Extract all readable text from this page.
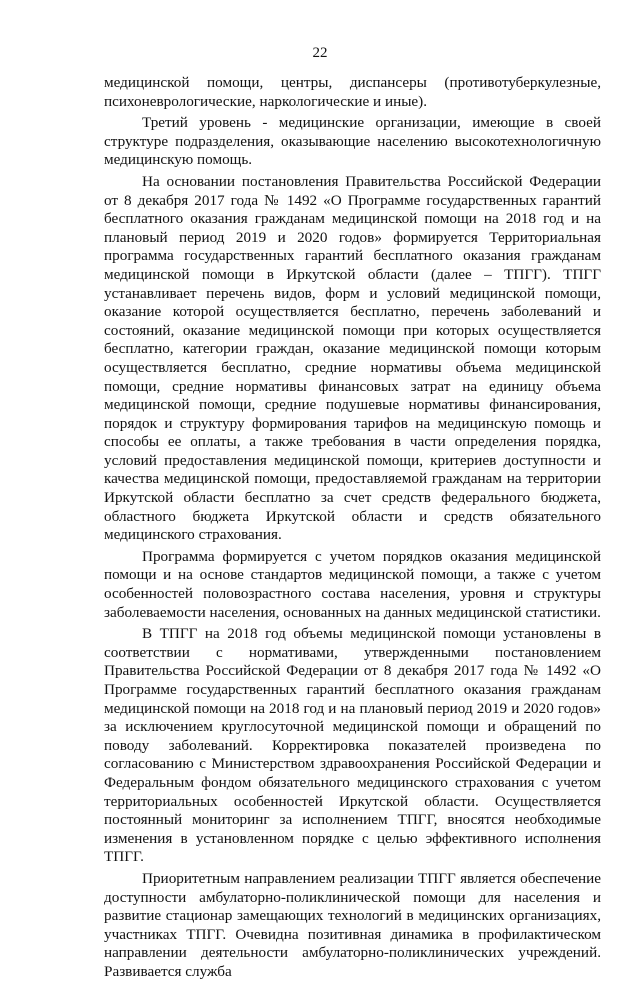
22

медицинской помощи, центры, диспансеры (противотуберкулезные, психоневрологические, наркологические и иные).

Третий уровень - медицинские организации, имеющие в своей структуре подразделения, оказывающие населению высокотехнологичную медицинскую помощь.

На основании постановления Правительства Российской Федерации от 8 декабря 2017 года № 1492 «О Программе государственных гарантий бесплатного оказания гражданам медицинской помощи на 2018 год и на плановый период 2019 и 2020 годов» формируется Территориальная программа государственных гарантий бесплатного оказания гражданам медицинской помощи в Иркутской области (далее – ТПГГ). ТПГГ устанавливает перечень видов, форм и условий медицинской помощи, оказание которой осуществляется бесплатно, перечень заболеваний и состояний, оказание медицинской помощи при которых осуществляется бесплатно, категории граждан, оказание медицинской помощи которым осуществляется бесплатно, средние нормативы объема медицинской помощи, средние нормативы финансовых затрат на единицу объема медицинской помощи, средние подушевые нормативы финансирования, порядок и структуру формирования тарифов на медицинскую помощь и способы ее оплаты, а также требования в части определения порядка, условий предоставления медицинской помощи, критериев доступности и качества медицинской помощи, предоставляемой гражданам на территории Иркутской области бесплатно за счет средств федерального бюджета, областного бюджета Иркутской области и средств обязательного медицинского страхования.

Программа формируется с учетом порядков оказания медицинской помощи и на основе стандартов медицинской помощи, а также с учетом особенностей половозрастного состава населения, уровня и структуры заболеваемости населения, основанных на данных медицинской статистики.

В ТПГГ на 2018 год объемы медицинской помощи установлены в соответствии с нормативами, утвержденными постановлением Правительства Российской Федерации от 8 декабря 2017 года № 1492 «О Программе государственных гарантий бесплатного оказания гражданам медицинской помощи на 2018 год и на плановый период 2019 и 2020 годов» за исключением круглосуточной медицинской помощи и обращений по поводу заболеваний. Корректировка показателей произведена по согласованию с Министерством здравоохранения Российской Федерации и Федеральным фондом обязательного медицинского страхования с учетом территориальных особенностей Иркутской области. Осуществляется постоянный мониторинг за исполнением ТПГГ, вносятся необходимые изменения в установленном порядке с целью эффективного исполнения ТПГГ.

Приоритетным направлением реализации ТПГГ является обеспечение доступности амбулаторно-поликлинической помощи для населения и развитие стационар замещающих технологий в медицинских организациях, участниках ТПГГ. Очевидна позитивная динамика в профилактическом направлении деятельности амбулаторно-поликлинических учреждений. Развивается служба
